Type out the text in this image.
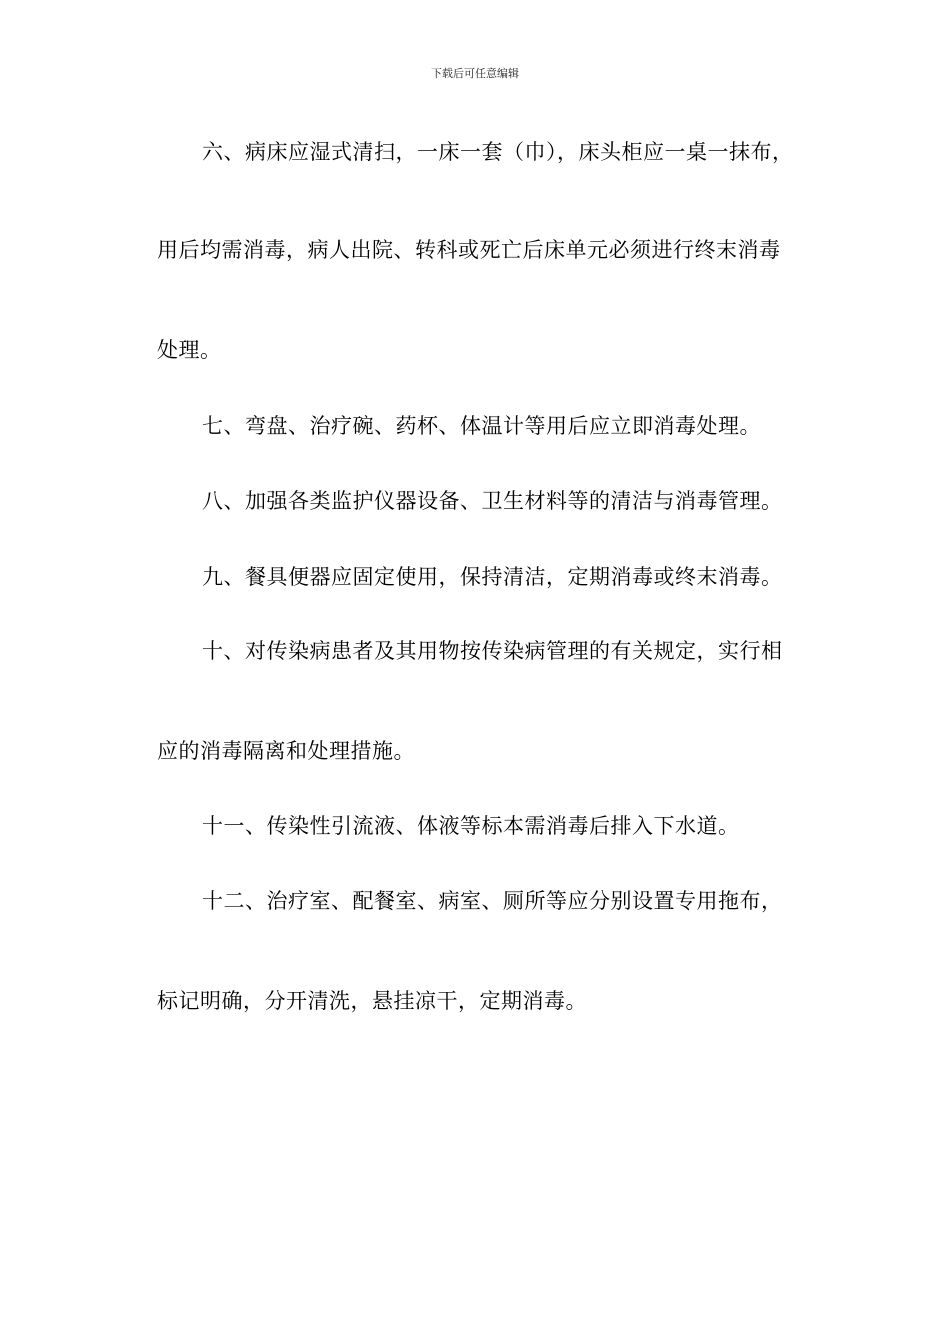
下载后可任意编辑
六、病床应湿式清扫，一床一套（巾），床头柜应一桌一抹布，
用后均需消毒，病人出院、转科或死亡后床单元必须进行终末消毒
处理。
七、弯盘、治疗碗、药杯、体温计等用后应立即消毒处理。
八、加强各类监护仪器设备、卫生材料等的清洁与消毒管理。
九、餐具便器应固定使用，保持清洁，定期消毒或终末消毒。
十、对传染病患者及其用物按传染病管理的有关规定，实行相
应的消毒隔离和处理措施。
十一、传染性引流液、体液等标本需消毒后排入下水道。
十二、治疗室、配餐室、病室、厕所等应分别设置专用拖布，
标记明确，分开清洗，悬挂凉干，定期消毒。
